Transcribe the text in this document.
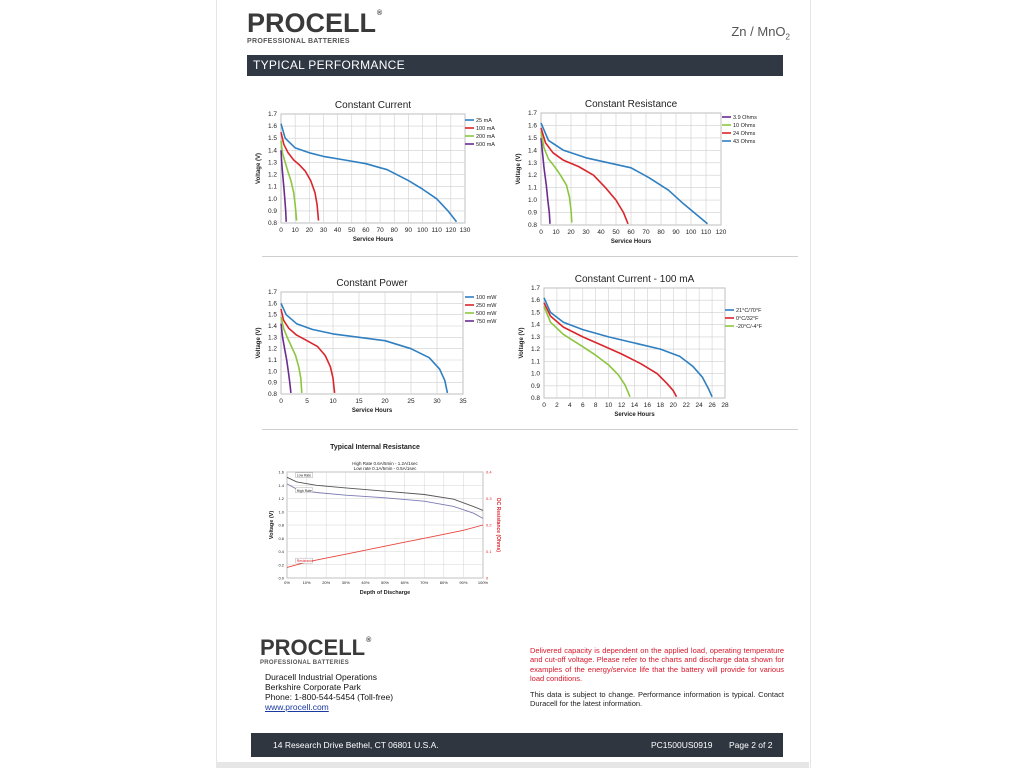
PROCELL®
PROFESSIONAL BATTERIES
Zn / MnO$_2$
TYPICAL PERFORMANCE
Constant Current
0 10 20 30 40 50 60 70 80 90 100 110 120 130
0.8
0.9
1.0
1.1
1.2
1.3
1.4
1.5
1.6
1.7
Service Hours
Voltage (V)
25 mA
100 mA
200 mA
500 mA
Constant Resistance
0 10 20 30 40 50 60 70 80 90 100 110 120
0.8
0.9
1.0
1.1
1.2
1.3
1.4
1.5
1.6
1.7
Service Hours
Voltage (V)
3.9 Ohms
10 Ohms
24 Ohms
43 Ohms
Constant Power
0	5	10	15	20	25	30	35
0.8
0.9
1.0
1.1
1.2
1.3
1.4
1.5
1.6
1.7
Service Hours
Voltage (V)
100 mW
250 mW
500 mW
750 mW
Constant Current - 100 mA
0 2 4 6 8 10 12 14 16 18 20 22 24 26 28
0.8
0.9
1.0
1.1
1.2
1.3
1.4
1.5
1.6
1.7
Service Hours
Voltage (V)
21°C/70°F
0°C/32°F
-20°C/-4°F
Typical Internal Resistance
High Rate 0.6A/5min - 1.2A/1sec
Low rate 0.1A/5min - 0.5A/1sec
0%	10%	20%	30%	40%	50%	60%	70%	80%	90%	100%
0.0
0.2
0.4
0.6
0.8
1.0
1.2
1.4
1.6
0
0.1
0.2
0.3
0.4
Depth of Discharge
Voltage (V)	DC Resistance (Ohms)
Low Rate
High Rate
Resistance
PROCELL®
PROFESSIONAL BATTERIES
Duracell Industrial Operations
Berkshire Corporate Park
Phone: 1-800-544-5454 (Toll-free)
www.procell.com
Delivered capacity is dependent on the applied load, operating temperature and cut-off voltage. Please refer to the charts and discharge data shown for examples of the energy/service life that the battery will provide for various load conditions.
This data is subject to change. Performance information is typical. Contact Duracell for the latest information.
14 Research Drive Bethel, CT 06801 U.S.A.	PC1500US0919 Page 2 of 2
